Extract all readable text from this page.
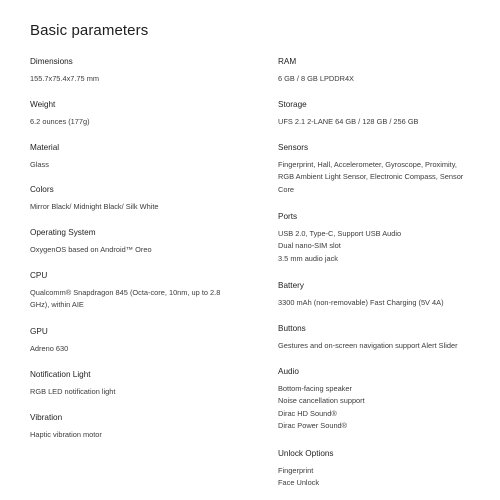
Basic parameters
Dimensions
155.7x75.4x7.75 mm
Weight
6.2 ounces (177g)
Material
Glass
Colors
Mirror Black/ Midnight Black/ Silk White
Operating System
OxygenOS based on Android™ Oreo
CPU
Qualcomm® Snapdragon 845 (Octa-core, 10nm, up to 2.8
GHz), within AIE
GPU
Adreno 630
Notification Light
RGB LED notification light
Vibration
Haptic vibration motor
RAM
6 GB / 8 GB LPDDR4X
Storage
UFS 2.1 2-LANE 64 GB / 128 GB / 256 GB
Sensors
Fingerprint, Hall, Accelerometer, Gyroscope, Proximity,
RGB Ambient Light Sensor, Electronic Compass, Sensor
Core
Ports
USB 2.0, Type-C, Support USB Audio
Dual nano-SIM slot
3.5 mm audio jack
Battery
3300 mAh (non-removable) Fast Charging (5V 4A)
Buttons
Gestures and on-screen navigation support Alert Slider
Audio
Bottom-facing speaker
Noise cancellation support
Dirac HD Sound®
Dirac Power Sound®
Unlock Options
Fingerprint
Face Unlock
